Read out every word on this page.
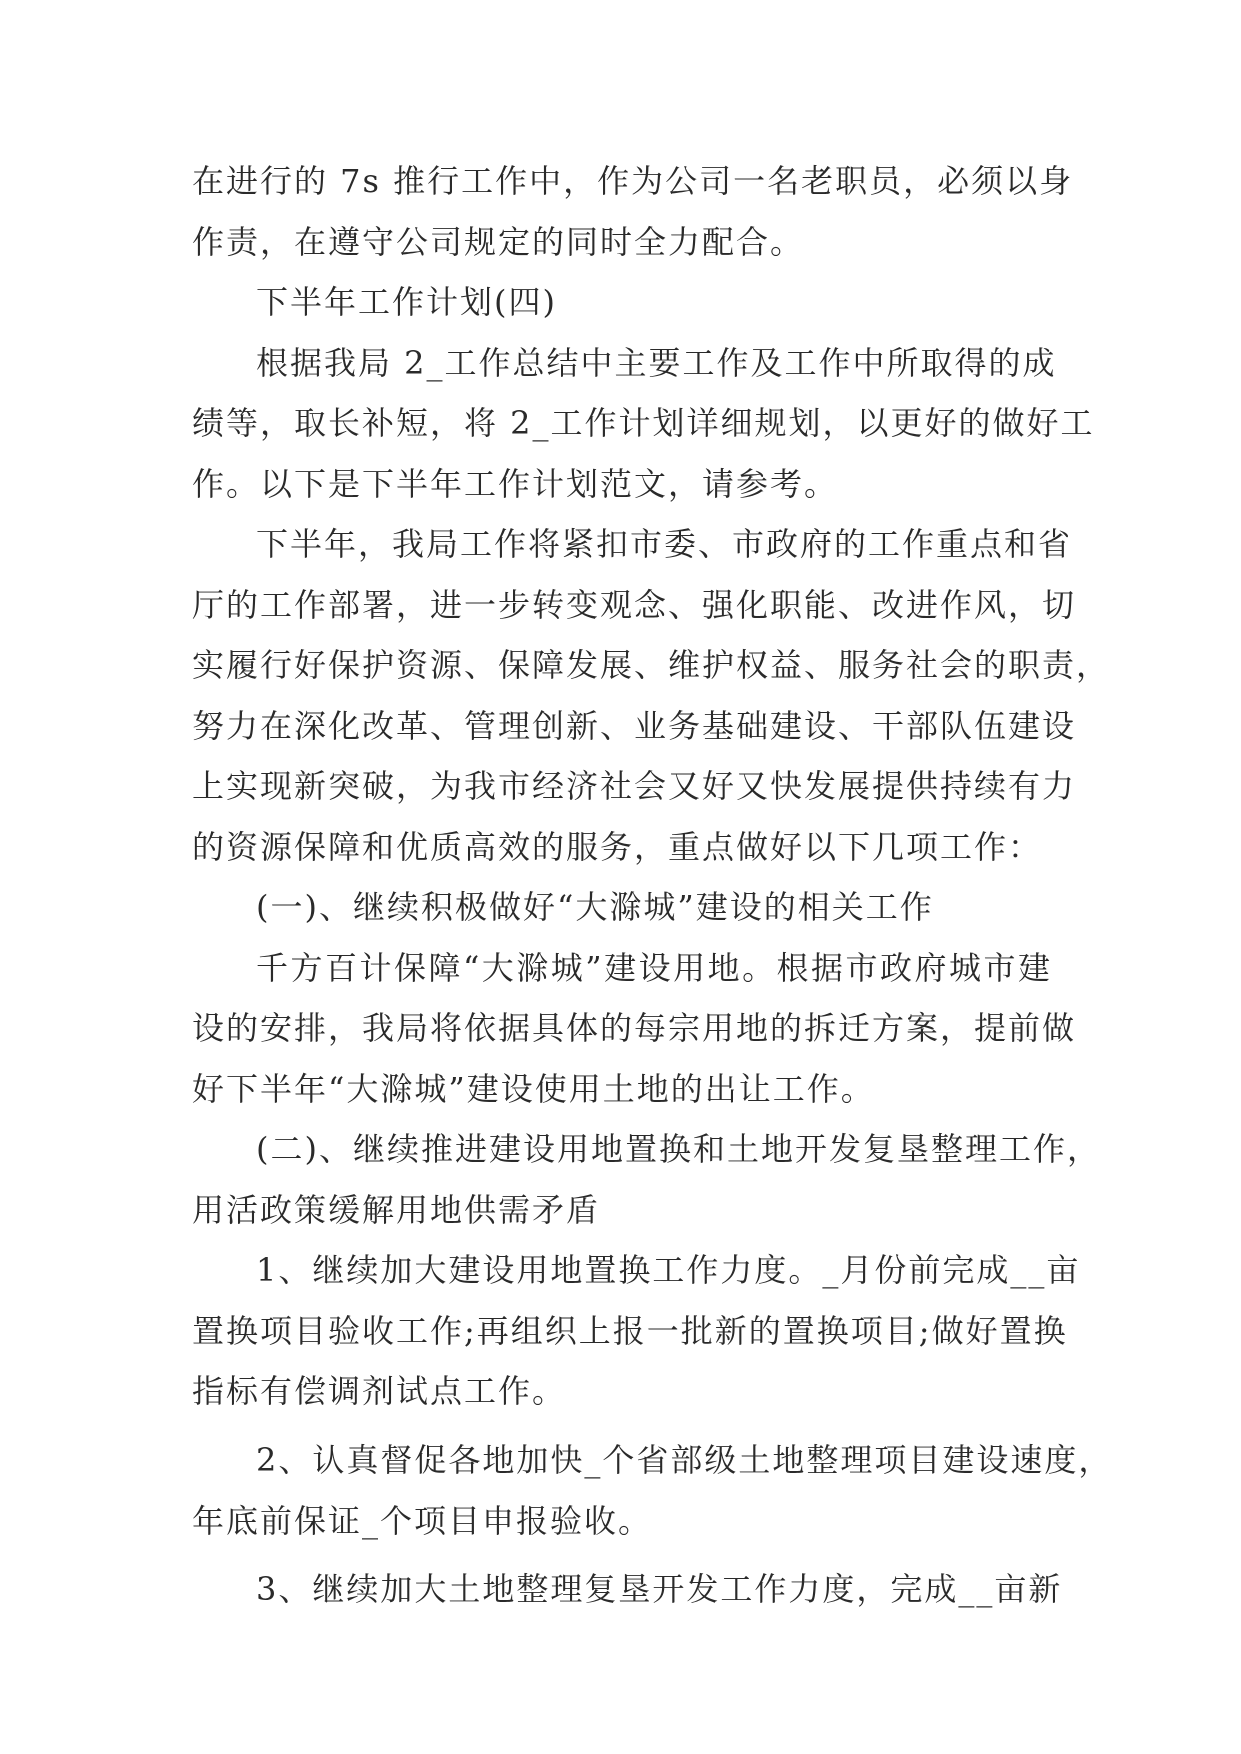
在进行的 7s 推行工作中，作为公司一名老职员，必须以身
作责，在遵守公司规定的同时全力配合。
下半年工作计划(四)
根据我局 2_工作总结中主要工作及工作中所取得的成
绩等，取长补短，将 2_工作计划详细规划，以更好的做好工
作。以下是下半年工作计划范文，请参考。
下半年，我局工作将紧扣市委、市政府的工作重点和省
厅的工作部署，进一步转变观念、强化职能、改进作风，切
实履行好保护资源、保障发展、维护权益、服务社会的职责，
努力在深化改革、管理创新、业务基础建设、干部队伍建设
上实现新突破，为我市经济社会又好又快发展提供持续有力
的资源保障和优质高效的服务，重点做好以下几项工作：
(一)、继续积极做好“大滁城”建设的相关工作
千方百计保障“大滁城”建设用地。根据市政府城市建
设的安排，我局将依据具体的每宗用地的拆迁方案，提前做
好下半年“大滁城”建设使用土地的出让工作。
(二)、继续推进建设用地置换和土地开发复垦整理工作，
用活政策缓解用地供需矛盾
1、继续加大建设用地置换工作力度。_月份前完成__亩
置换项目验收工作;再组织上报一批新的置换项目;做好置换
指标有偿调剂试点工作。
2、认真督促各地加快_个省部级土地整理项目建设速度，
年底前保证_个项目申报验收。
3、继续加大土地整理复垦开发工作力度，完成__亩新
